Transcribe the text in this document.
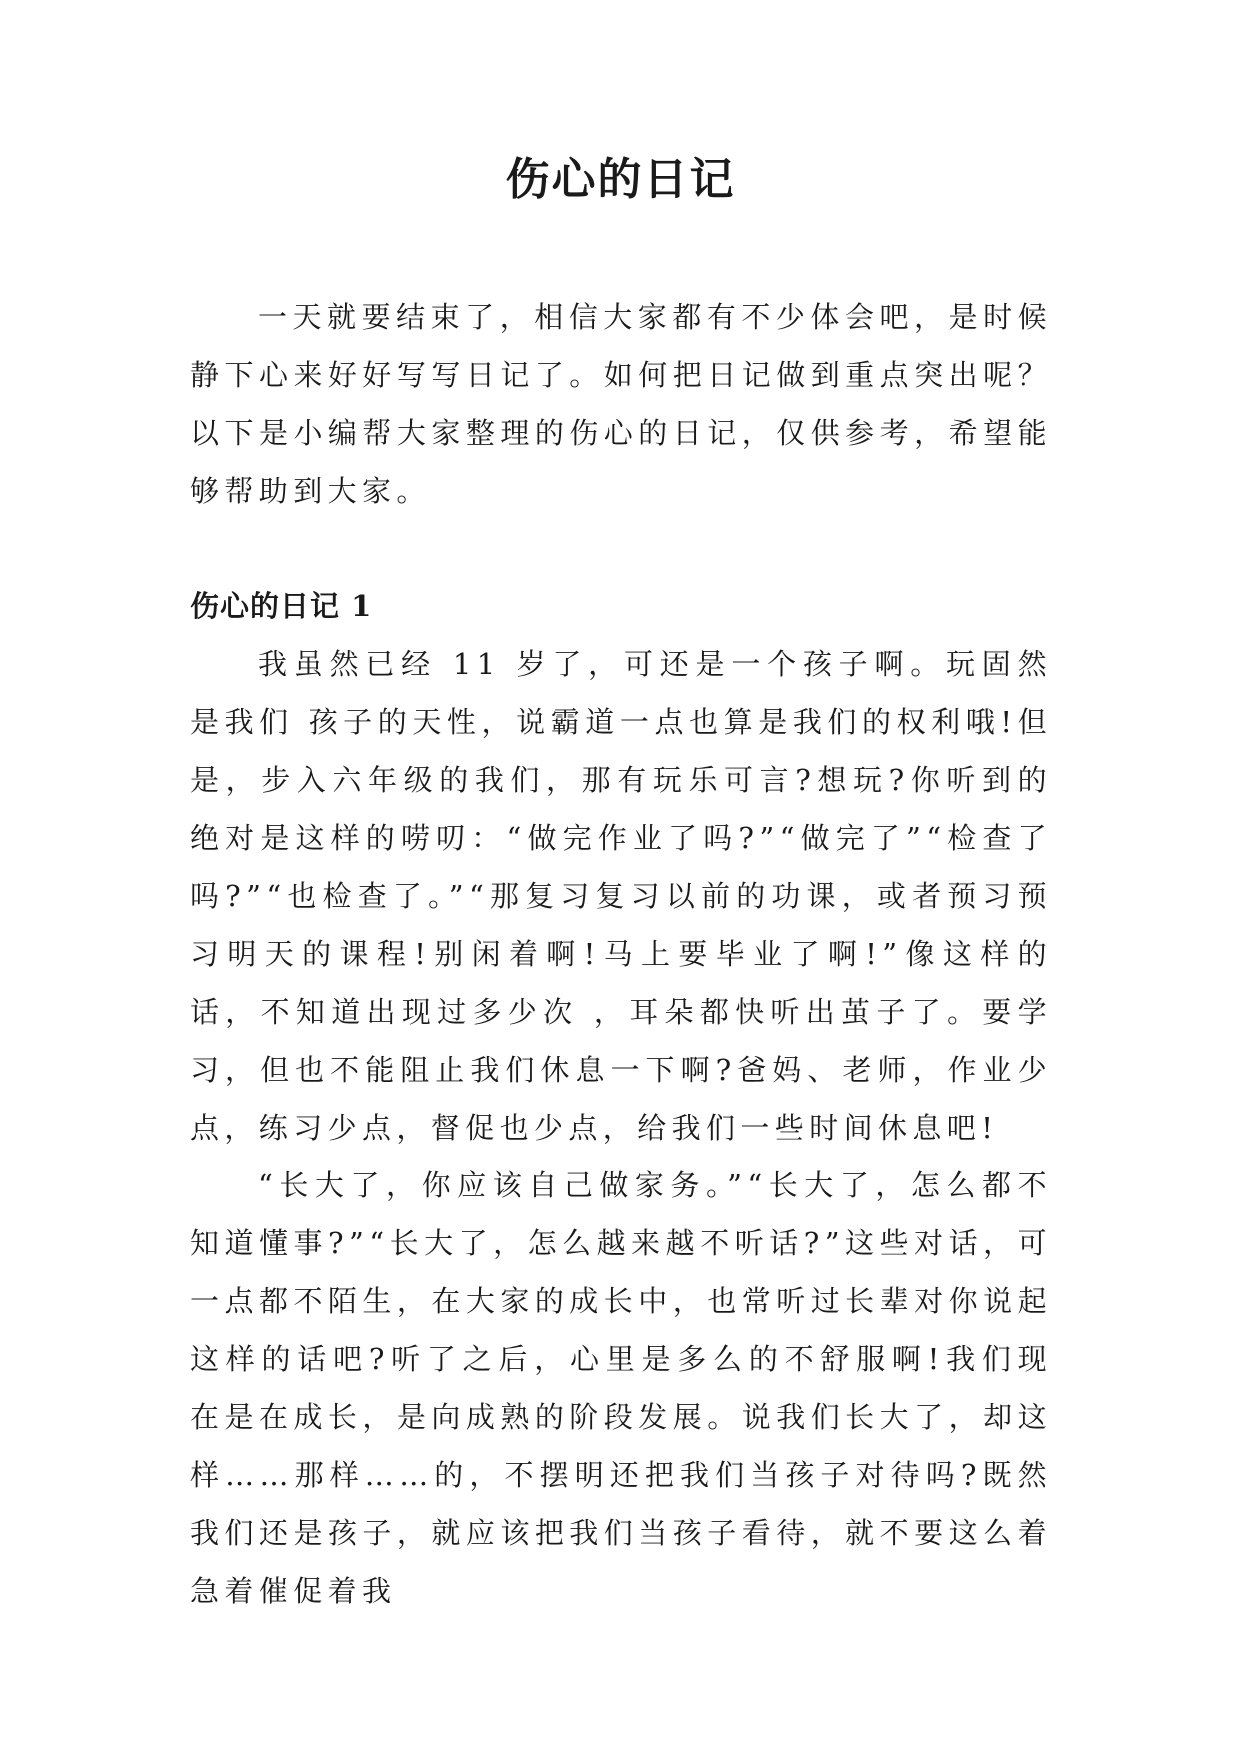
伤心的日记

一天就要结束了，相信大家都有不少体会吧，是时候静下心来好好写写日记了。如何把日记做到重点突出呢？以下是小编帮大家整理的伤心的日记，仅供参考，希望能够帮助到大家。

伤心的日记 1

我虽然已经 11 岁了，可还是一个孩子啊。玩固然是我们 孩子的天性，说霸道一点也算是我们的权利哦!但是，步入六年级的我们，那有玩乐可言?想玩?你听到的绝对是这样的唠叨：“做完作业了吗?”“做完了”“检查了吗?”“也检查了。”“那复习复习以前的功课，或者预习预习明天的课程!别闲着啊!马上要毕业了啊!”像这样的话，不知道出现过多少次 ，耳朵都快听出茧子了。要学习，但也不能阻止我们休息一下啊?爸妈、老师，作业少点，练习少点，督促也少点，给我们一些时间休息吧!

“长大了，你应该自己做家务。”“长大了，怎么都不知道懂事?”“长大了，怎么越来越不听话?”这些对话，可一点都不陌生，在大家的成长中，也常听过长辈对你说起这样的话吧?听了之后，心里是多么的不舒服啊!我们现在是在成长，是向成熟的阶段发展。说我们长大了，却这样……那样……的，不摆明还把我们当孩子对待吗?既然我们还是孩子，就应该把我们当孩子看待，就不要这么着急着催促着我
